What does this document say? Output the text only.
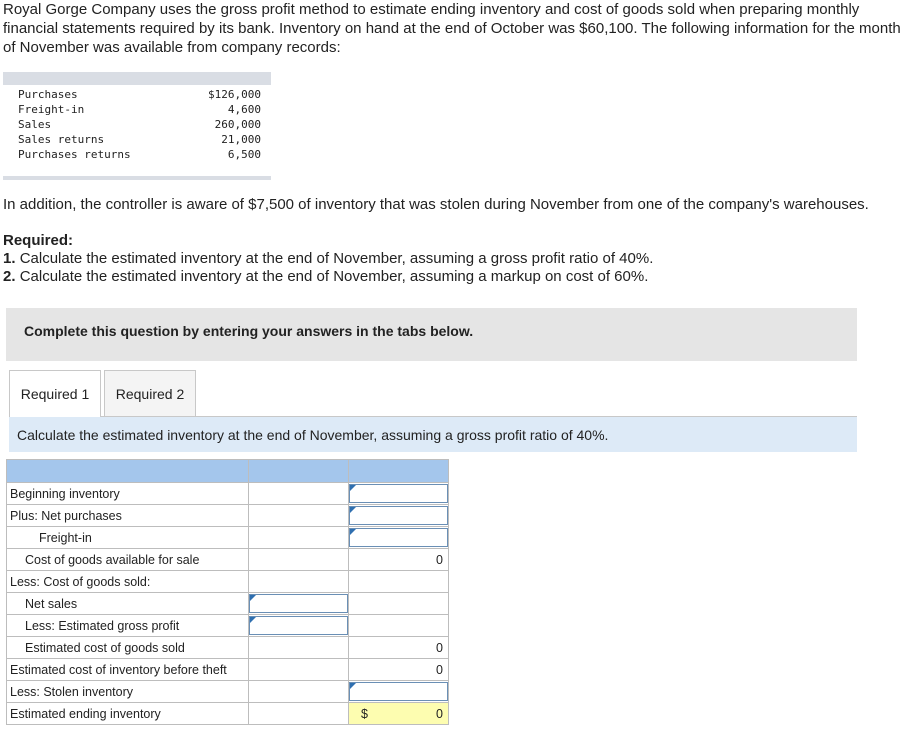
Royal Gorge Company uses the gross profit method to estimate ending inventory and cost of goods sold when preparing monthly financial statements required by its bank. Inventory on hand at the end of October was $60,100. The following information for the month of November was available from company records:

Purchases	$126,000
Freight-in	4,600
Sales	260,000
Sales returns	21,000
Purchases returns	6,500

In addition, the controller is aware of $7,500 of inventory that was stolen during November from one of the company's warehouses.
Required:
1. Calculate the estimated inventory at the end of November, assuming a gross profit ratio of 40%.
2. Calculate the estimated inventory at the end of November, assuming a markup on cost of 60%.
Complete this question by entering your answers in the tabs below.
Required 1	Required 2
Calculate the estimated inventory at the end of November, assuming a gross profit ratio of 40%.

Beginning inventory		

Plus: Net purchases		

Freight-in		

Cost of goods available for sale		0

Less: Cost of goods sold:		
Net sales	

Less: Estimated gross profit	

Estimated cost of goods sold		0

Estimated cost of inventory before theft		0

Less: Stolen inventory		

Estimated ending inventory		$ 0
